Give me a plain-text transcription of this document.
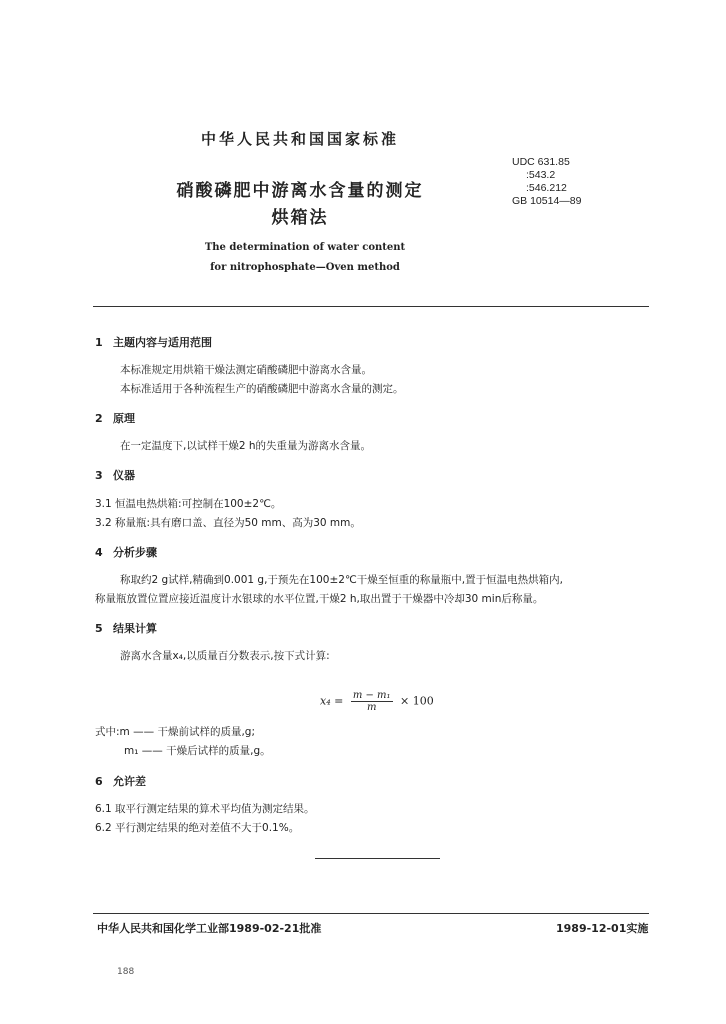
中华人民共和国国家标准
UDC 631.85
:543.2
:546.212
GB 10514—89
硝酸磷肥中游离水含量的测定
烘箱法
The determination of water content
for nitrophosphate—Oven method
1 主题内容与适用范围
本标准规定用烘箱干燥法测定硝酸磷肥中游离水含量。
本标准适用于各种流程生产的硝酸磷肥中游离水含量的测定。
2 原理
在一定温度下,以试样干燥2 h的失重量为游离水含量。
3 仪器
3.1 恒温电热烘箱:可控制在100±2℃。
3.2 称量瓶:具有磨口盖、直径为50 mm、高为30 mm。
4 分析步骤
称取约2 g试样,精确到0.001 g,于预先在100±2℃干燥至恒重的称量瓶中,置于恒温电热烘箱内,
称量瓶放置位置应接近温度计水银球的水平位置,干燥2 h,取出置于干燥器中冷却30 min后称量。
5 结果计算
游离水含量x₄,以质量百分数表示,按下式计算:
$x_4 = \frac{\text{m − m₁}}{m} \times 100$
式中:m —— 干燥前试样的质量,g;
m₁ —— 干燥后试样的质量,g。
6 允许差
6.1 取平行测定结果的算术平均值为测定结果。
6.2 平行测定结果的绝对差值不大于0.1%。
中华人民共和国化学工业部1989-02-21批准	1989-12-01实施
188
